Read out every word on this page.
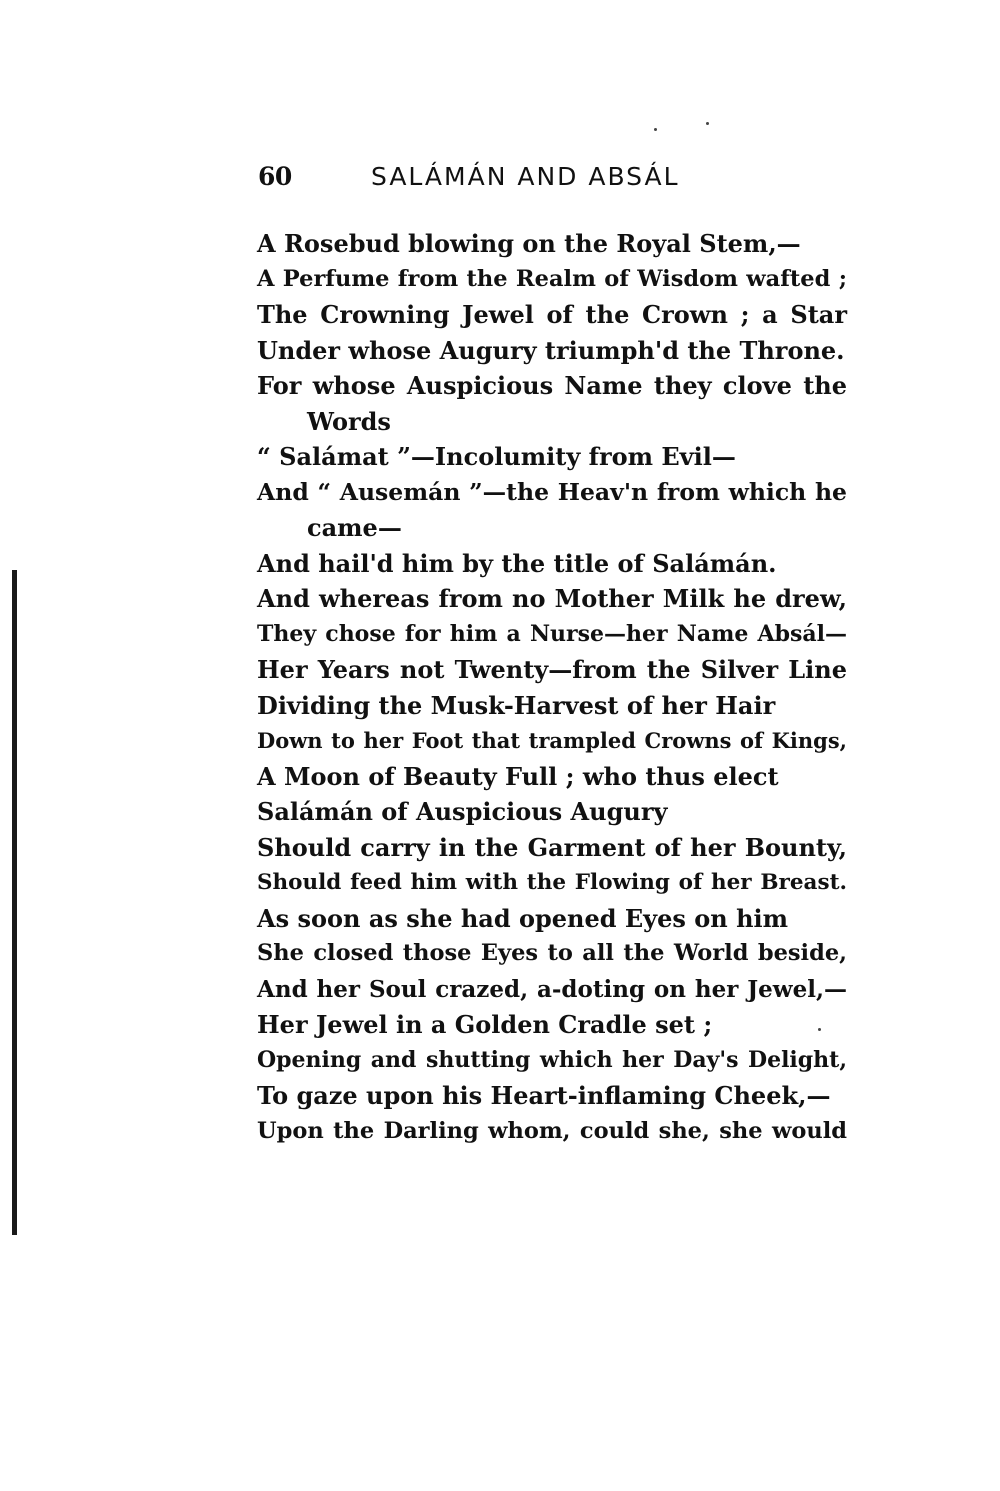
60	SALÁMÁN AND ABSÁL
A Rosebud blowing on the Royal Stem,—
A Perfume from the Realm of Wisdom wafted ;
The Crowning Jewel of the Crown ; a Star
Under whose Augury triumph'd the Throne.
For whose Auspicious Name they clove the
Words
“ Salámat ”—Incolumity from Evil—
And “ Ausemán ”—the Heav'n from which he
came—
And hail'd him by the title of Salámán.
And whereas from no Mother Milk he drew,
They chose for him a Nurse—her Name Absál—
Her Years not Twenty—from the Silver Line
Dividing the Musk-Harvest of her Hair
Down to her Foot that trampled Crowns of Kings,
A Moon of Beauty Full ; who thus elect
Salámán of Auspicious Augury
Should carry in the Garment of her Bounty,
Should feed him with the Flowing of her Breast.
As soon as she had opened Eyes on him
She closed those Eyes to all the World beside,
And her Soul crazed, a-doting on her Jewel,—
Her Jewel in a Golden Cradle set ;
Opening and shutting which her Day's Delight,
To gaze upon his Heart-inflaming Cheek,—
Upon the Darling whom, could she, she would
